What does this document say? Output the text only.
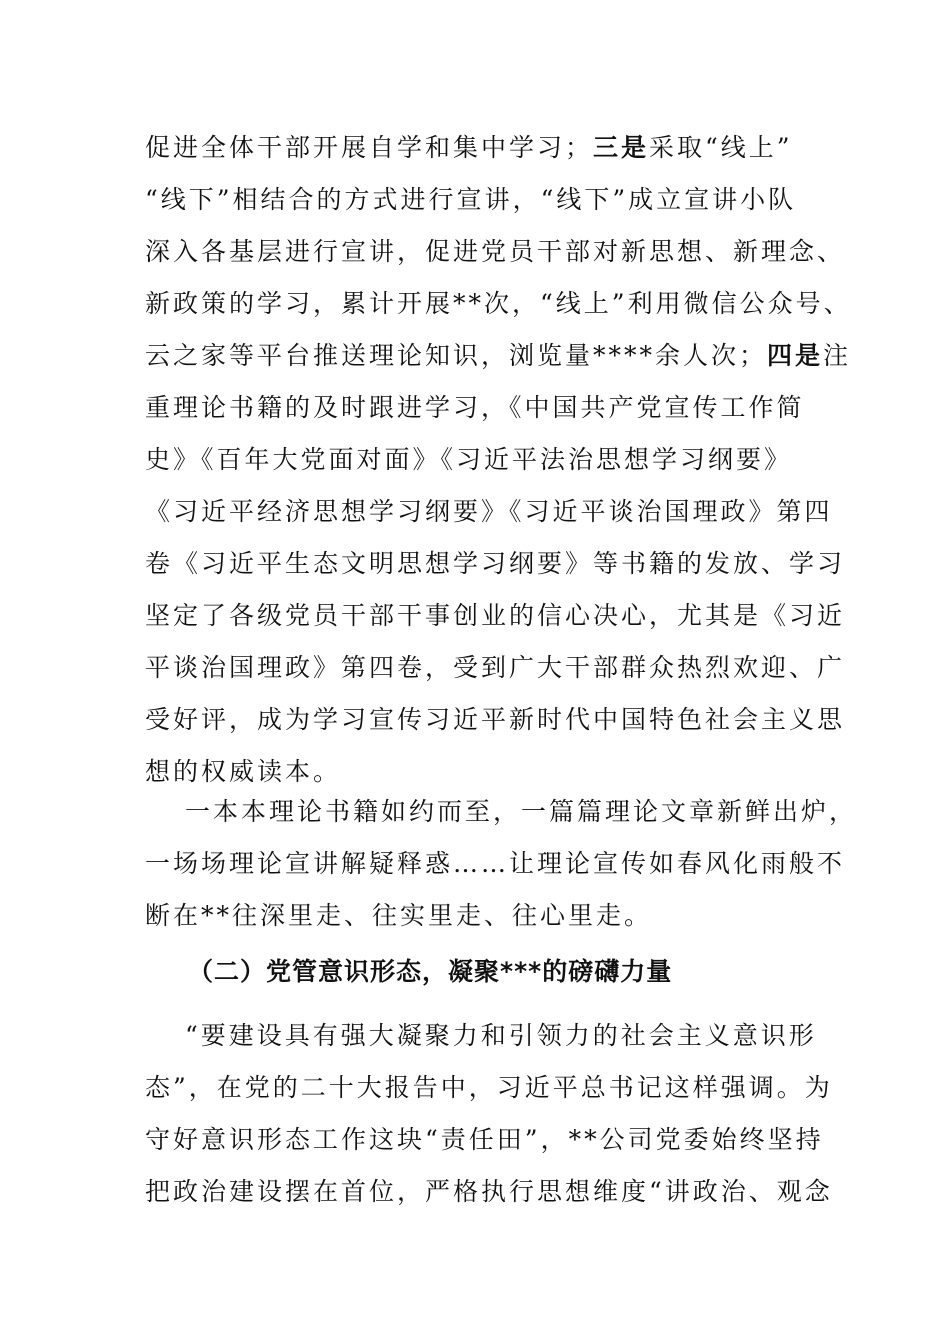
促进全体干部开展自学和集中学习；三是采取“线上”
“线下”相结合的方式进行宣讲，“线下”成立宣讲小队
深入各基层进行宣讲，促进党员干部对新思想、新理念、
新政策的学习，累计开展**次，“线上”利用微信公众号、
云之家等平台推送理论知识，浏览量****余人次；四是注
重理论书籍的及时跟进学习，《中国共产党宣传工作简
史》《百年大党面对面》《习近平法治思想学习纲要》
《习近平经济思想学习纲要》《习近平谈治国理政》第四
卷《习近平生态文明思想学习纲要》等书籍的发放、学习
坚定了各级党员干部干事创业的信心决心，尤其是《习近
平谈治国理政》第四卷，受到广大干部群众热烈欢迎、广
受好评，成为学习宣传习近平新时代中国特色社会主义思
想的权威读本。
一本本理论书籍如约而至，一篇篇理论文章新鲜出炉，
一场场理论宣讲解疑释惑……让理论宣传如春风化雨般不
断在**往深里走、往实里走、往心里走。
（二）党管意识形态，凝聚***的磅礴力量
“要建设具有强大凝聚力和引领力的社会主义意识形
态”，在党的二十大报告中，习近平总书记这样强调。为
守好意识形态工作这块“责任田”，**公司党委始终坚持
把政治建设摆在首位，严格执行思想维度“讲政治、观念
